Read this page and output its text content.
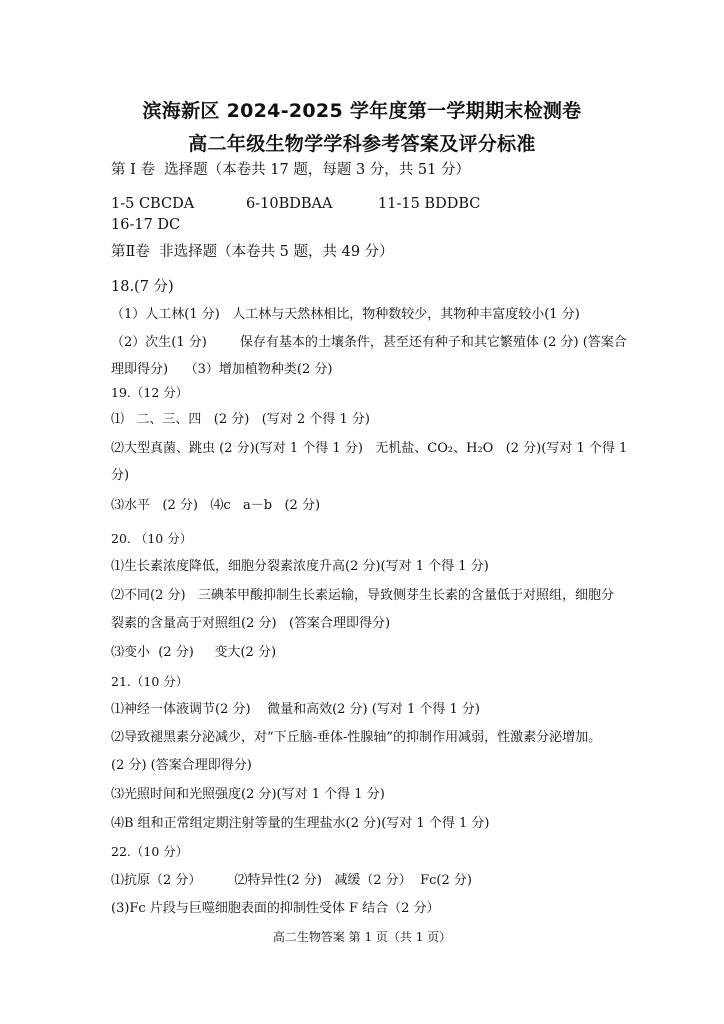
滨海新区 2024-2025 学年度第一学期期末检测卷
高二年级生物学学科参考答案及评分标准
第 I 卷  选择题（本卷共 17 题，每题 3 分，共 51 分）
1-5 CBCDA	6-10BDBAA	11-15 BDDBC
16-17 DC
第Ⅱ卷  非选择题（本卷共 5 题，共 49 分）
18.(7 分)
（1）人工林(1 分)   人工林与天然林相比，物种数较少，其物种丰富度较小(1 分)
（2）次生(1 分)        保存有基本的土壤条件，甚至还有种子和其它繁殖体 (2 分) (答案合
理即得分)    （3）增加植物种类(2 分)
19.（12 分）
⑴   二、三、四   (2 分)   (写对 2 个得 1 分)
⑵大型真菌、跳虫 (2 分)(写对 1 个得 1 分)   无机盐、CO₂、H₂O   (2 分)(写对 1 个得 1
分)
⑶水平   (2 分)   ⑷c   a－b   (2 分)
20. （10 分）
⑴生长素浓度降低，细胞分裂素浓度升高(2 分)(写对 1 个得 1 分)
⑵不同(2 分)   三碘苯甲酸抑制生长素运输，导致侧芽生长素的含量低于对照组，细胞分
裂素的含量高于对照组(2 分)   (答案合理即得分)
⑶变小  (2 分)     变大(2 分)
21.（10 分）
⑴神经一体液调节(2 分)    微量和高效(2 分) (写对 1 个得 1 分)
⑵导致褪黑素分泌减少，对“下丘脑-垂体-性腺轴”的抑制作用减弱，性激素分泌增加。
(2 分) (答案合理即得分)
⑶光照时间和光照强度(2 分)(写对 1 个得 1 分)
⑷B 组和正常组定期注射等量的生理盐水(2 分)(写对 1 个得 1 分)
22.（10 分）
⑴抗原（2 分）        ⑵特异性(2 分)   减缓（2 分）  Fc(2 分)
(3)Fc 片段与巨噬细胞表面的抑制性受体 F 结合（2 分）
高二生物答案 第 1 页（共 1 页）
